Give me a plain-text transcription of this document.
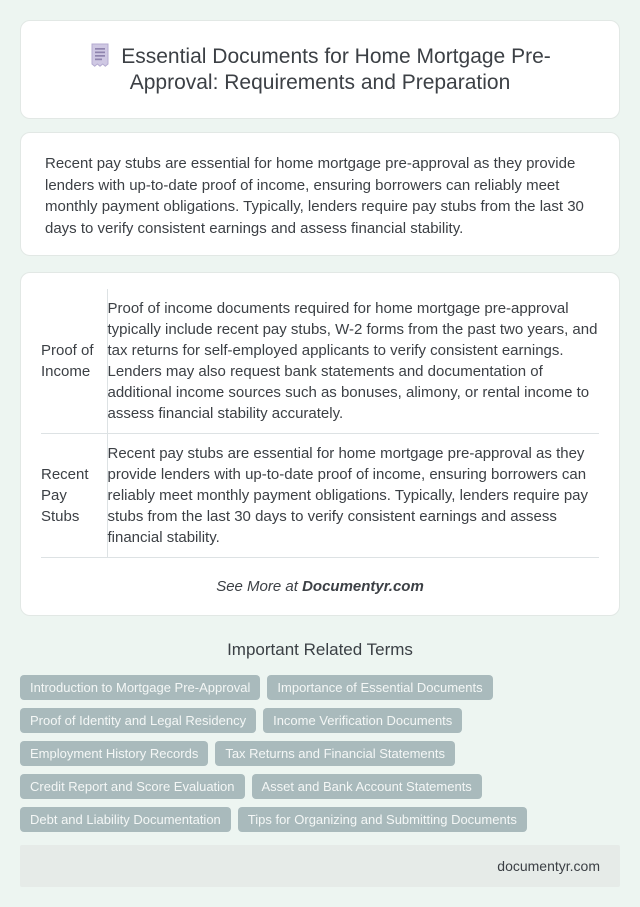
Essential Documents for Home Mortgage Pre-Approval: Requirements and Preparation

Recent pay stubs are essential for home mortgage pre-approval as they provide lenders with up-to-date proof of income, ensuring borrowers can reliably meet monthly payment obligations. Typically, lenders require pay stubs from the last 30 days to verify consistent earnings and assess financial stability.

Proof of Income	Proof of income documents required for home mortgage pre-approval typically include recent pay stubs, W-2 forms from the past two years, and tax returns for self-employed applicants to verify consistent earnings. Lenders may also request bank statements and documentation of additional income sources such as bonuses, alimony, or rental income to assess financial stability accurately.
Recent Pay Stubs	Recent pay stubs are essential for home mortgage pre-approval as they provide lenders with up-to-date proof of income, ensuring borrowers can reliably meet monthly payment obligations. Typically, lenders require pay stubs from the last 30 days to verify consistent earnings and assess financial stability.
See More at Documentyr.com
Important Related Terms
Introduction to Mortgage Pre-Approval	Importance of Essential Documents
Proof of Identity and Legal Residency	Income Verification Documents
Employment History Records	Tax Returns and Financial Statements
Credit Report and Score Evaluation	Asset and Bank Account Statements
Debt and Liability Documentation	Tips for Organizing and Submitting Documents
documentyr.com
